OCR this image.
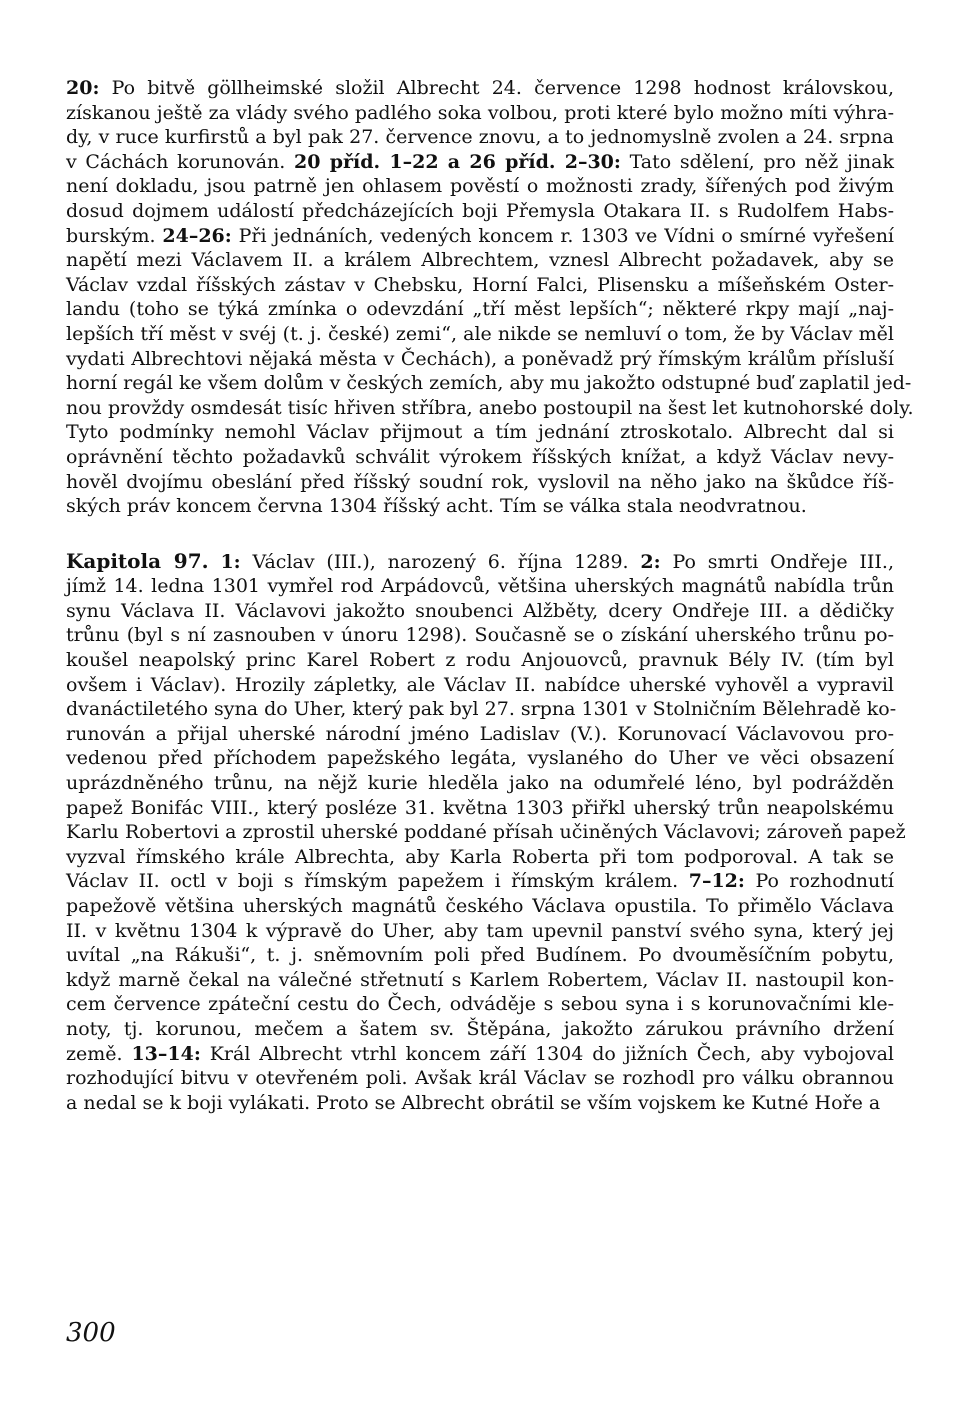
20: Po bitvě göllheimské složil Albrecht 24. července 1298 hodnost královskou,
získanou ještě za vlády svého padlého soka volbou, proti které bylo možno míti výhra-
dy, v ruce kurfirstů a byl pak 27. července znovu, a to jednomyslně zvolen a 24. srpna
v Cáchách korunován. 20 příd. 1–22 a 26 příd. 2–30: Tato sdělení, pro něž jinak
není dokladu, jsou patrně jen ohlasem pověstí o možnosti zrady, šířených pod živým
dosud dojmem událostí předcházejících boji Přemysla Otakara II. s Rudolfem Habs-
burským. 24–26: Při jednáních, vedených koncem r. 1303 ve Vídni o smírné vyřešení
napětí mezi Václavem II. a králem Albrechtem, vznesl Albrecht požadavek, aby se
Václav vzdal říšských zástav v Chebsku, Horní Falci, Plisensku a míšeňském Oster-
landu (toho se týká zmínka o odevzdání „tří měst lepších“; některé rkpy mají „naj-
lepších tří měst v svéj (t. j. české) zemi“, ale nikde se nemluví o tom, že by Václav měl
vydati Albrechtovi nějaká města v Čechách), a poněvadž prý římským králům přísluší
horní regál ke všem dolům v českých zemích, aby mu jakožto odstupné buď zaplatil jed-
nou provždy osmdesát tisíc hřiven stříbra, anebo postoupil na šest let kutnohorské doly.
Tyto podmínky nemohl Václav přijmout a tím jednání ztroskotalo. Albrecht dal si
oprávnění těchto požadavků schválit výrokem říšských knížat, a když Václav nevy-
hověl dvojímu obeslání před říšský soudní rok, vyslovil na něho jako na škůdce říš-
ských práv koncem června 1304 říšský acht. Tím se válka stala neodvratnou.
Kapitola 97. 1: Václav (III.), narozený 6. října 1289. 2: Po smrti Ondřeje III.,
jímž 14. ledna 1301 vymřel rod Arpádovců, většina uherských magnátů nabídla trůn
synu Václava II. Václavovi jakožto snoubenci Alžběty, dcery Ondřeje III. a dědičky
trůnu (byl s ní zasnouben v únoru 1298). Současně se o získání uherského trůnu po-
koušel neapolský princ Karel Robert z rodu Anjouovců, pravnuk Bély IV. (tím byl
ovšem i Václav). Hrozily zápletky, ale Václav II. nabídce uherské vyhověl a vypravil
dvanáctiletého syna do Uher, který pak byl 27. srpna 1301 v Stolničním Bělehradě ko-
runován a přijal uherské národní jméno Ladislav (V.). Korunovací Václavovou pro-
vedenou před příchodem papežského legáta, vyslaného do Uher ve věci obsazení
uprázdněného trůnu, na nějž kurie hleděla jako na odumřelé léno, byl podrážděn
papež Bonifác VIII., který posléze 31. května 1303 přiřkl uherský trůn neapolskému
Karlu Robertovi a zprostil uherské poddané přísah učiněných Václavovi; zároveň papež
vyzval římského krále Albrechta, aby Karla Roberta při tom podporoval. A tak se
Václav II. octl v boji s římským papežem i římským králem. 7–12: Po rozhodnutí
papežově většina uherských magnátů českého Václava opustila. To přimělo Václava
II. v květnu 1304 k výpravě do Uher, aby tam upevnil panství svého syna, který jej
uvítal „na Rákuši“, t. j. sněmovním poli před Budínem. Po dvouměsíčním pobytu,
když marně čekal na válečné střetnutí s Karlem Robertem, Václav II. nastoupil kon-
cem července zpáteční cestu do Čech, odváděje s sebou syna i s korunovačními kle-
noty, tj. korunou, mečem a šatem sv. Štěpána, jakožto zárukou právního držení
země. 13–14: Král Albrecht vtrhl koncem září 1304 do jižních Čech, aby vybojoval
rozhodující bitvu v otevřeném poli. Avšak král Václav se rozhodl pro válku obrannou
a nedal se k boji vylákati. Proto se Albrecht obrátil se vším vojskem ke Kutné Hoře a
300
